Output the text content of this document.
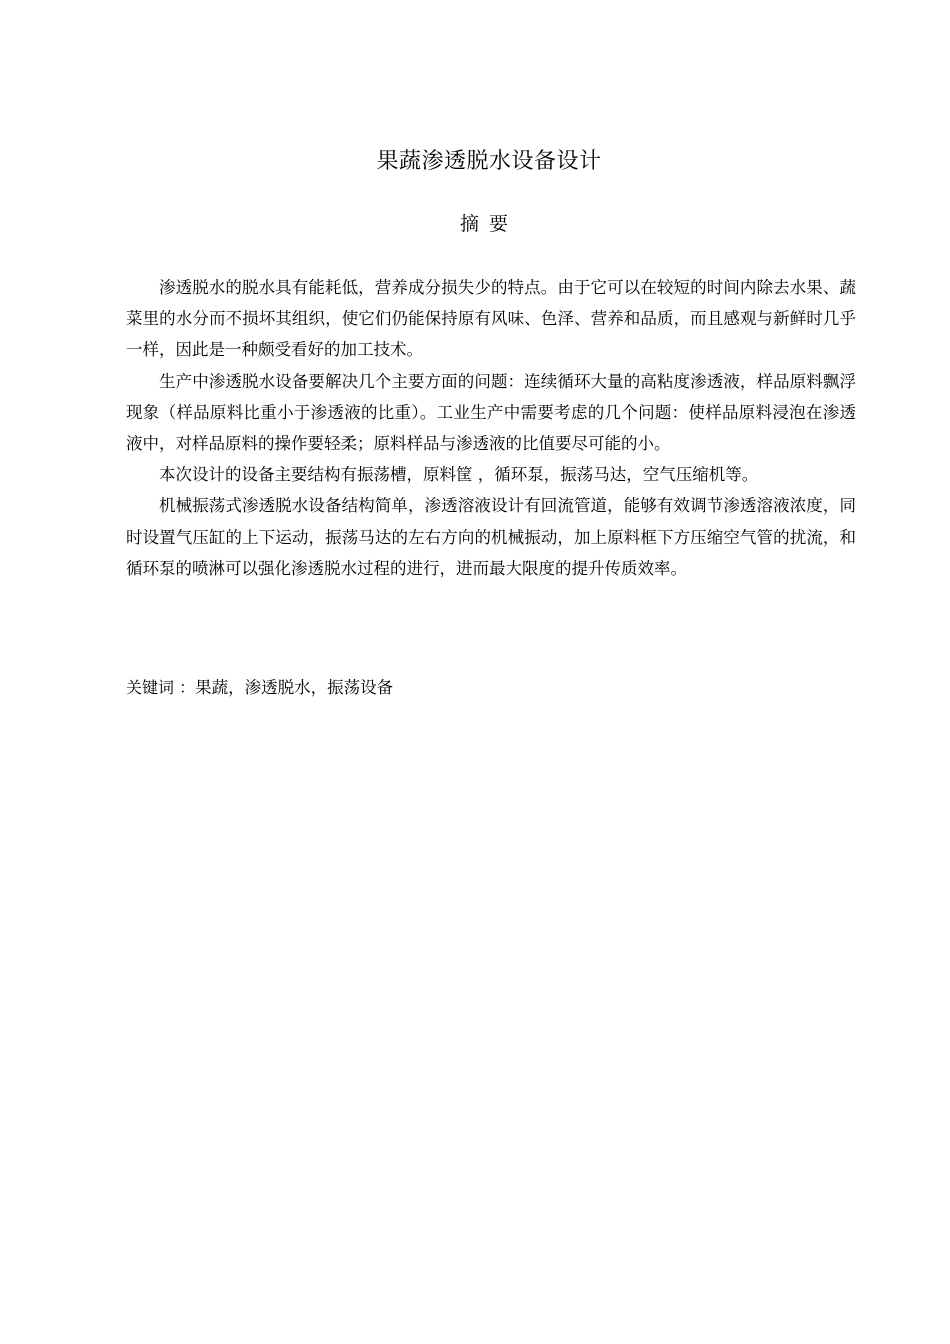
果蔬渗透脱水设备设计
摘要

渗透脱水的脱水具有能耗低，营养成分损失少的特点。由于它可以在较短的时间内除去水果、蔬菜里的水分而不损坏其组织，使它们仍能保持原有风味、色泽、营养和品质，而且感观与新鲜时几乎一样，因此是一种颇受看好的加工技术。

生产中渗透脱水设备要解决几个主要方面的问题：连续循环大量的高粘度渗透液，样品原料飘浮现象（样品原料比重小于渗透液的比重）。工业生产中需要考虑的几个问题：使样品原料浸泡在渗透液中，对样品原料的操作要轻柔；原料样品与渗透液的比值要尽可能的小。

本次设计的设备主要结构有振荡槽，原料筐 ，循环泵，振荡马达，空气压缩机等。

机械振荡式渗透脱水设备结构简单，渗透溶液设计有回流管道，能够有效调节渗透溶液浓度，同时设置气压缸的上下运动，振荡马达的左右方向的机械振动，加上原料框下方压缩空气管的扰流，和循环泵的喷淋可以强化渗透脱水过程的进行，进而最大限度的提升传质效率。

关键词 ：果蔬，渗透脱水，振荡设备
